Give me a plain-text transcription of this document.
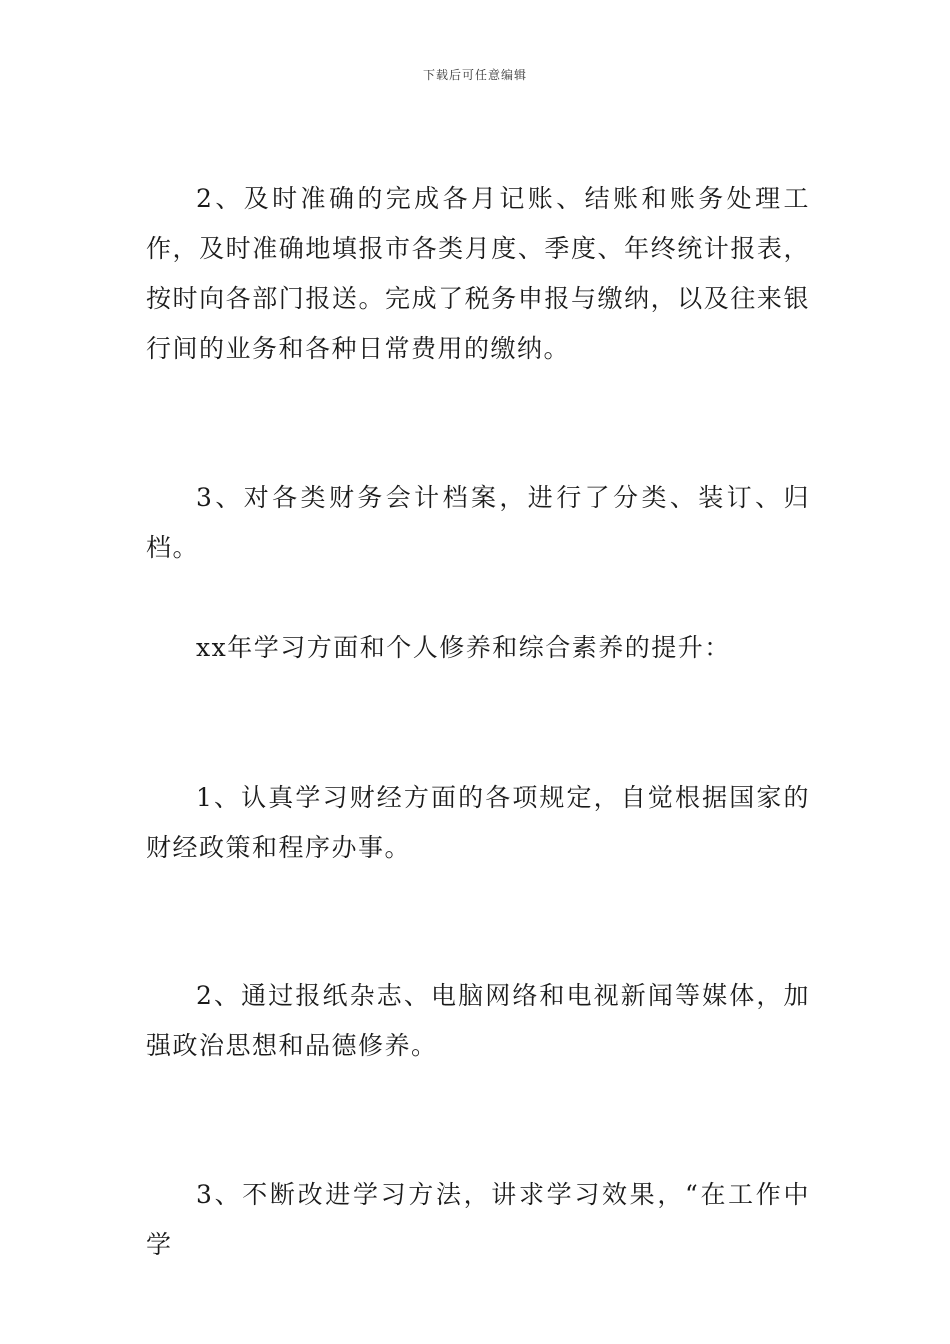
下载后可任意编辑

2、及时准确的完成各月记账、结账和账务处理工作，及时准确地填报市各类月度、季度、年终统计报表，按时向各部门报送。完成了税务申报与缴纳，以及往来银行间的业务和各种日常费用的缴纳。

3、对各类财务会计档案，进行了分类、装订、归档。

xx年学习方面和个人修养和综合素养的提升：

1、认真学习财经方面的各项规定，自觉根据国家的财经政策和程序办事。

2、通过报纸杂志、电脑网络和电视新闻等媒体，加强政治思想和品德修养。

3、不断改进学习方法，讲求学习效果，“在工作中学
